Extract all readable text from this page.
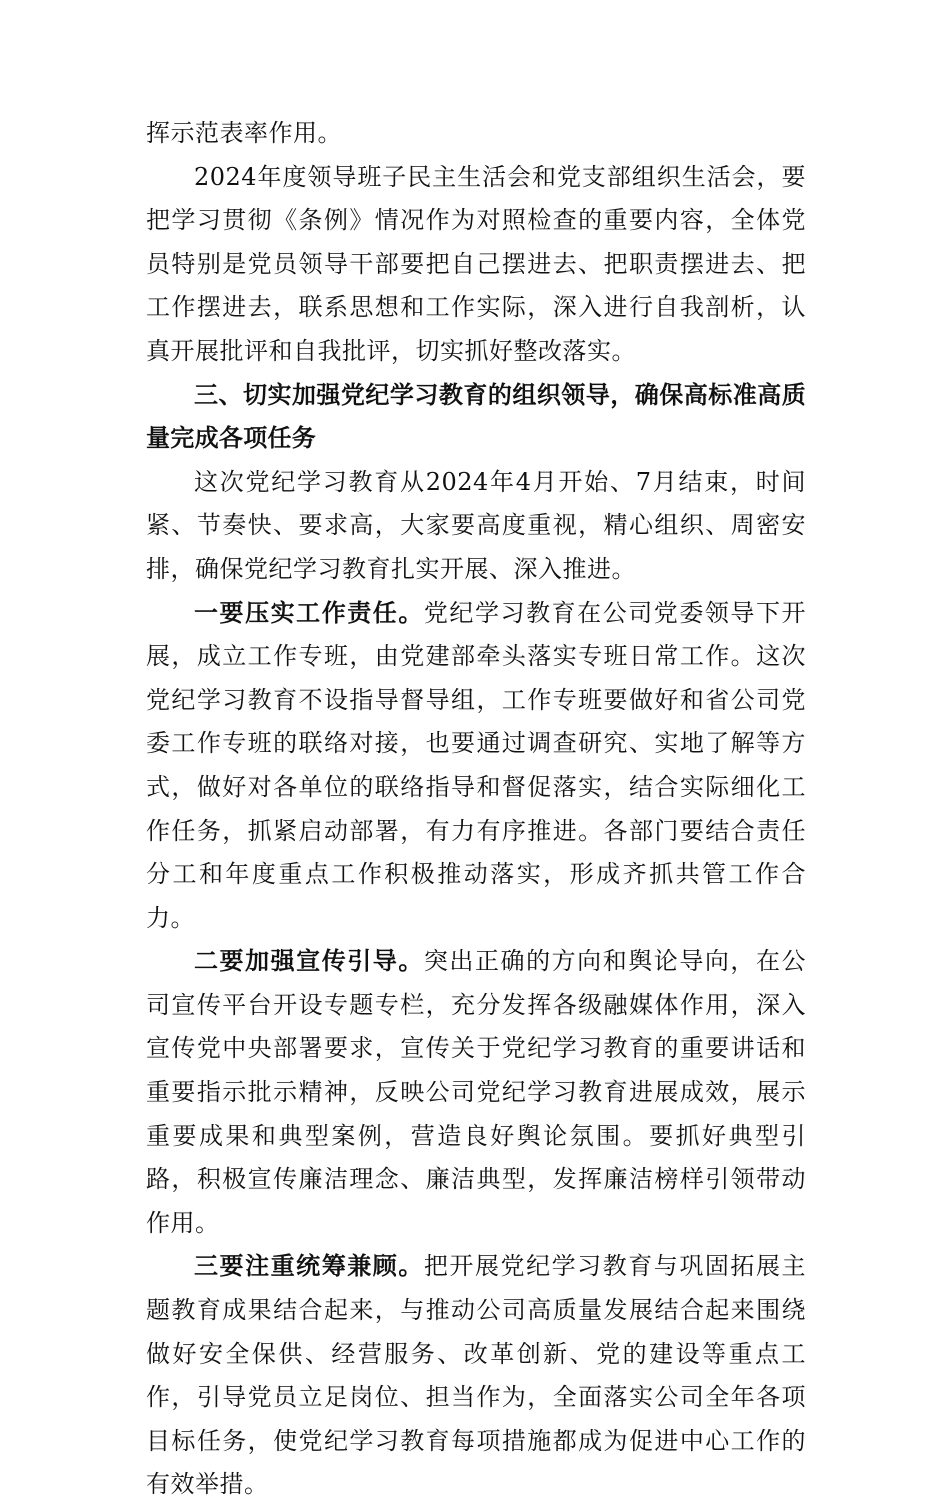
挥示范表率作用。

2024年度领导班子民主生活会和党支部组织生活会，要把学习贯彻《条例》情况作为对照检查的重要内容，全体党员特别是党员领导干部要把自己摆进去、把职责摆进去、把工作摆进去，联系思想和工作实际，深入进行自我剖析，认真开展批评和自我批评，切实抓好整改落实。

三、切实加强党纪学习教育的组织领导，确保高标准高质量完成各项任务

这次党纪学习教育从2024年4月开始、7月结束，时间紧、节奏快、要求高，大家要高度重视，精心组织、周密安排，确保党纪学习教育扎实开展、深入推进。

一要压实工作责任。党纪学习教育在公司党委领导下开展，成立工作专班，由党建部牵头落实专班日常工作。这次党纪学习教育不设指导督导组，工作专班要做好和省公司党委工作专班的联络对接，也要通过调查研究、实地了解等方式，做好对各单位的联络指导和督促落实，结合实际细化工作任务，抓紧启动部署，有力有序推进。各部门要结合责任分工和年度重点工作积极推动落实，形成齐抓共管工作合力。

二要加强宣传引导。突出正确的方向和舆论导向，在公司宣传平台开设专题专栏，充分发挥各级融媒体作用，深入宣传党中央部署要求，宣传关于党纪学习教育的重要讲话和重要指示批示精神，反映公司党纪学习教育进展成效，展示重要成果和典型案例，营造良好舆论氛围。要抓好典型引路，积极宣传廉洁理念、廉洁典型，发挥廉洁榜样引领带动作用。

三要注重统筹兼顾。把开展党纪学习教育与巩固拓展主题教育成果结合起来，与推动公司高质量发展结合起来围绕做好安全保供、经营服务、改革创新、党的建设等重点工作，引导党员立足岗位、担当作为，全面落实公司全年各项目标任务，使党纪学习教育每项措施都成为促进中心工作的有效举措。
